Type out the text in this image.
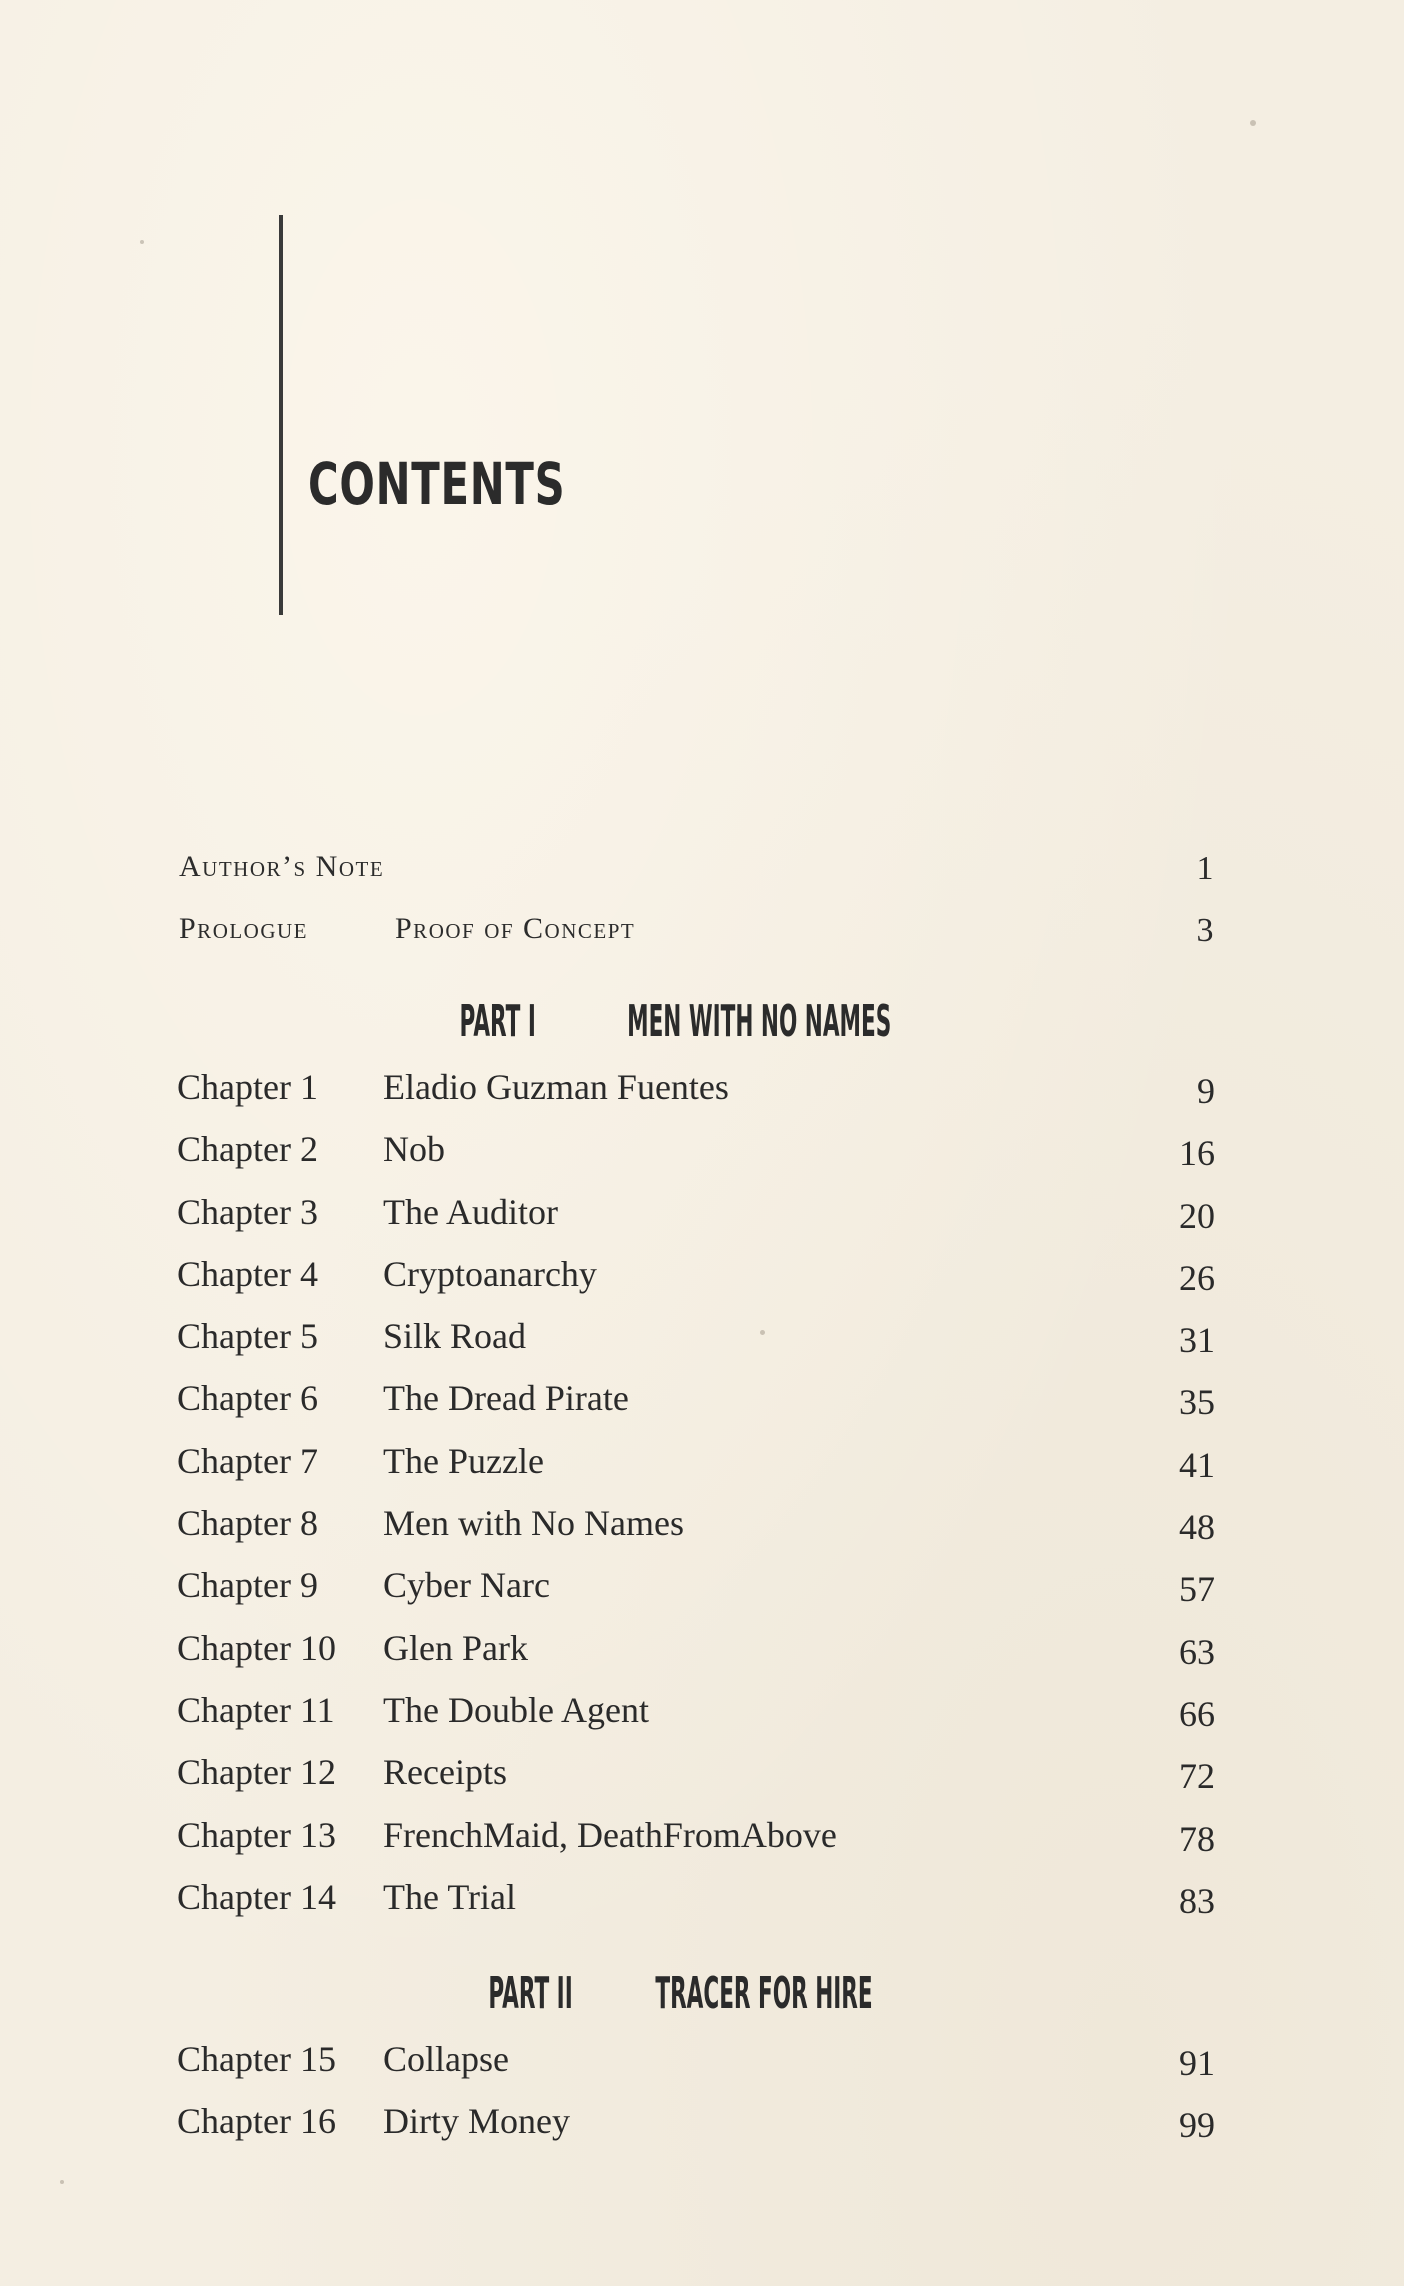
CONTENTS
Author’s Note	1
Prologue	Proof of Concept	3
PART I MEN WITH NO NAMES
Chapter 1 Eladio Guzman Fuentes	9
Chapter 2 Nob	16
Chapter 3 The Auditor	20
Chapter 4 Cryptoanarchy	26
Chapter 5 Silk Road	31
Chapter 6 The Dread Pirate	35
Chapter 7 The Puzzle	41
Chapter 8 Men with No Names	48
Chapter 9 Cyber Narc	57
Chapter 10 Glen Park	63
Chapter 11 The Double Agent	66
Chapter 12 Receipts	72
Chapter 13 FrenchMaid, DeathFromAbove	78
Chapter 14 The Trial	83
PART II TRACER FOR HIRE
Chapter 15 Collapse	91
Chapter 16 Dirty Money	99
